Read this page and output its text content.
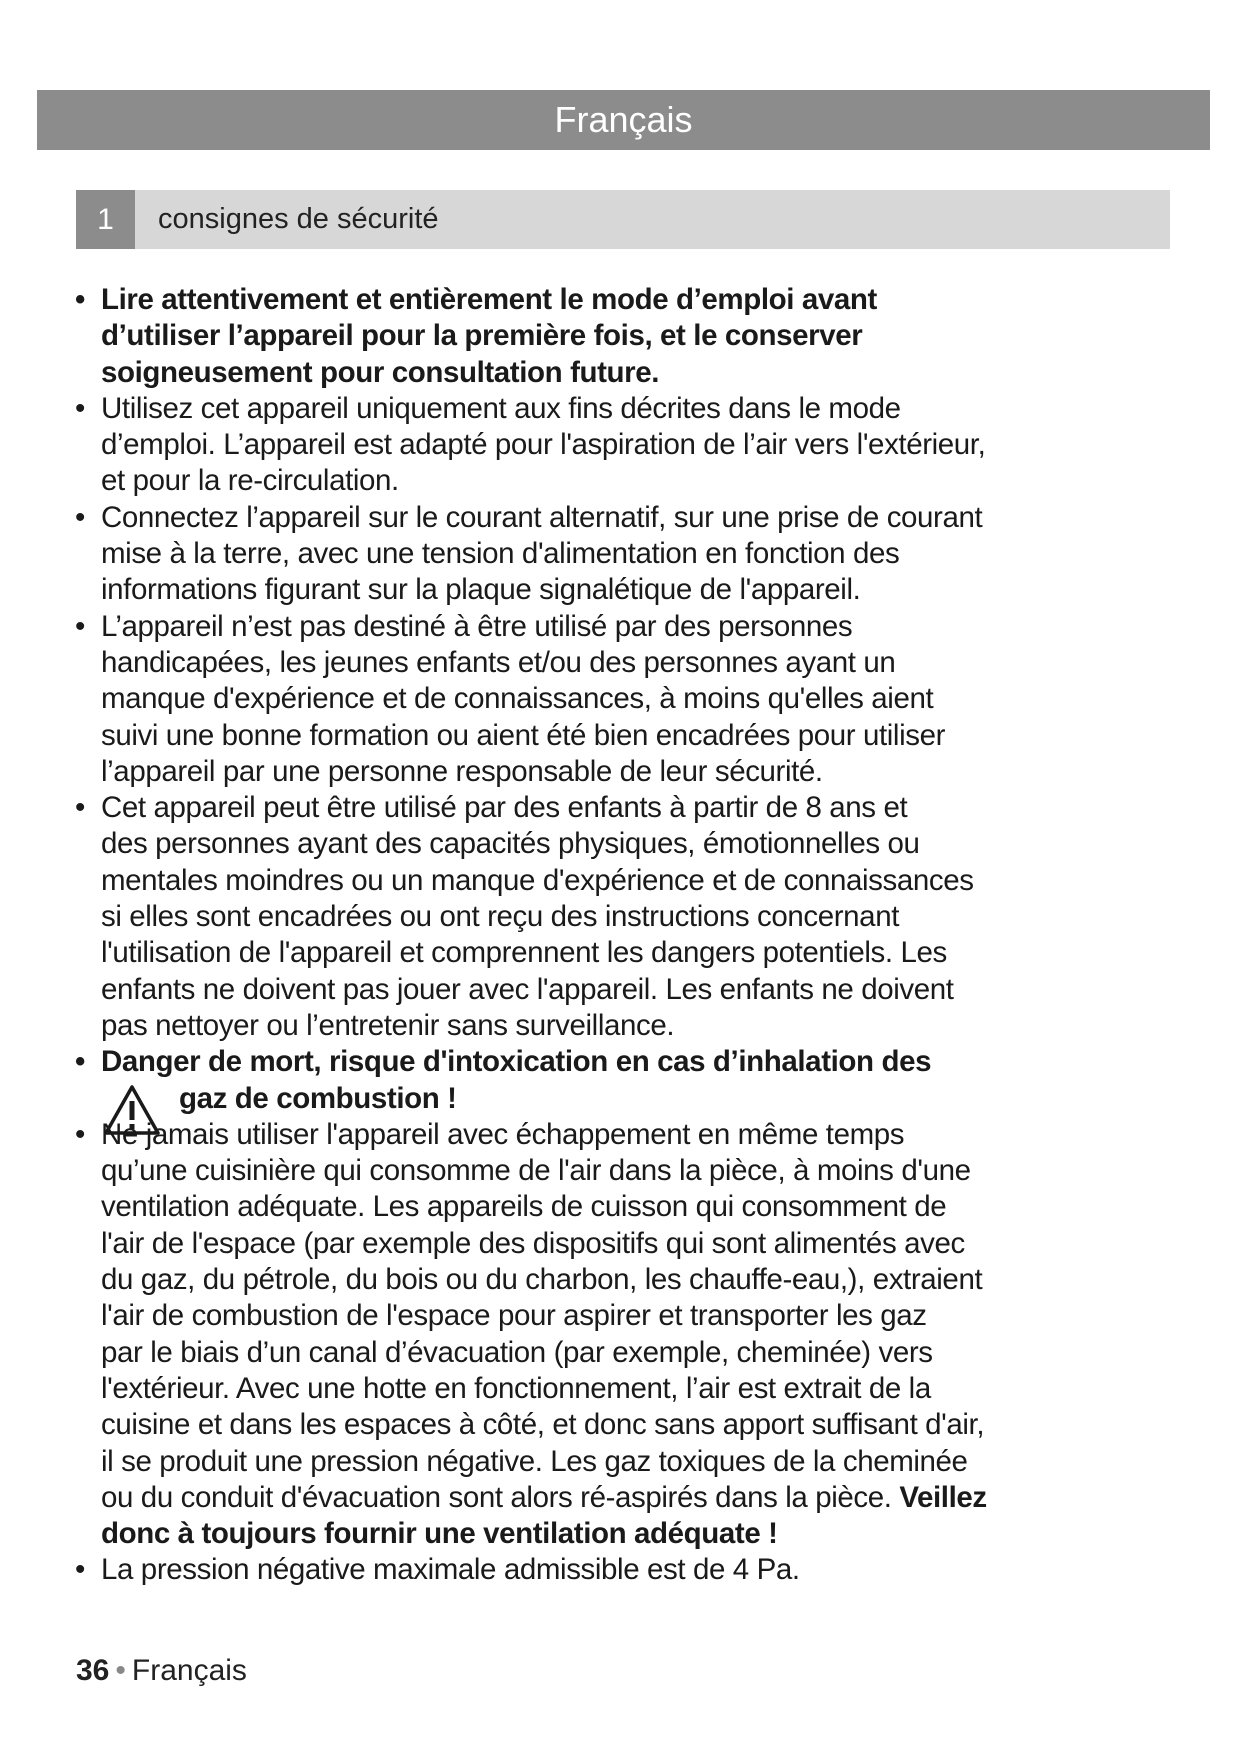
Français
1	consignes de sécurité
• Lire attentivement et entièrement le mode d’emploi avant
d’utiliser l’appareil pour la première fois, et le conserver
soigneusement pour consultation future.
• Utilisez cet appareil uniquement aux fins décrites dans le mode
d’emploi. L’appareil est adapté pour l'aspiration de l’air vers l'extérieur,
et pour la re-circulation.
• Connectez l’appareil sur le courant alternatif, sur une prise de courant
mise à la terre, avec une tension d'alimentation en fonction des
informations figurant sur la plaque signalétique de l'appareil.
• L’appareil n’est pas destiné à être utilisé par des personnes
handicapées, les jeunes enfants et/ou des personnes ayant un
manque d'expérience et de connaissances, à moins qu'elles aient
suivi une bonne formation ou aient été bien encadrées pour utiliser
l’appareil par une personne responsable de leur sécurité.
• Cet appareil peut être utilisé par des enfants à partir de 8 ans et
des personnes ayant des capacités physiques, émotionnelles ou
mentales moindres ou un manque d'expérience et de connaissances
si elles sont encadrées ou ont reçu des instructions concernant
l'utilisation de l'appareil et comprennent les dangers potentiels. Les
enfants ne doivent pas jouer avec l'appareil. Les enfants ne doivent
pas nettoyer ou l’entretenir sans surveillance.
• Danger de mort, risque d'intoxication en cas d’inhalation des
gaz de combustion !
• Ne jamais utiliser l'appareil avec échappement en même temps
qu’une cuisinière qui consomme de l'air dans la pièce, à moins d'une
ventilation adéquate. Les appareils de cuisson qui consomment de
l'air de l'espace (par exemple des dispositifs qui sont alimentés avec
du gaz, du pétrole, du bois ou du charbon, les chauffe-eau,), extraient
l'air de combustion de l'espace pour aspirer et transporter les gaz
par le biais d’un canal d’évacuation (par exemple, cheminée) vers
l'extérieur. Avec une hotte en fonctionnement, l’air est extrait de la
cuisine et dans les espaces à côté, et donc sans apport suffisant d'air,
il se produit une pression négative. Les gaz toxiques de la cheminée
ou du conduit d'évacuation sont alors ré-aspirés dans la pièce. Veillez
donc à toujours fournir une ventilation adéquate !
• La pression négative maximale admissible est de 4 Pa.
36 • Français
